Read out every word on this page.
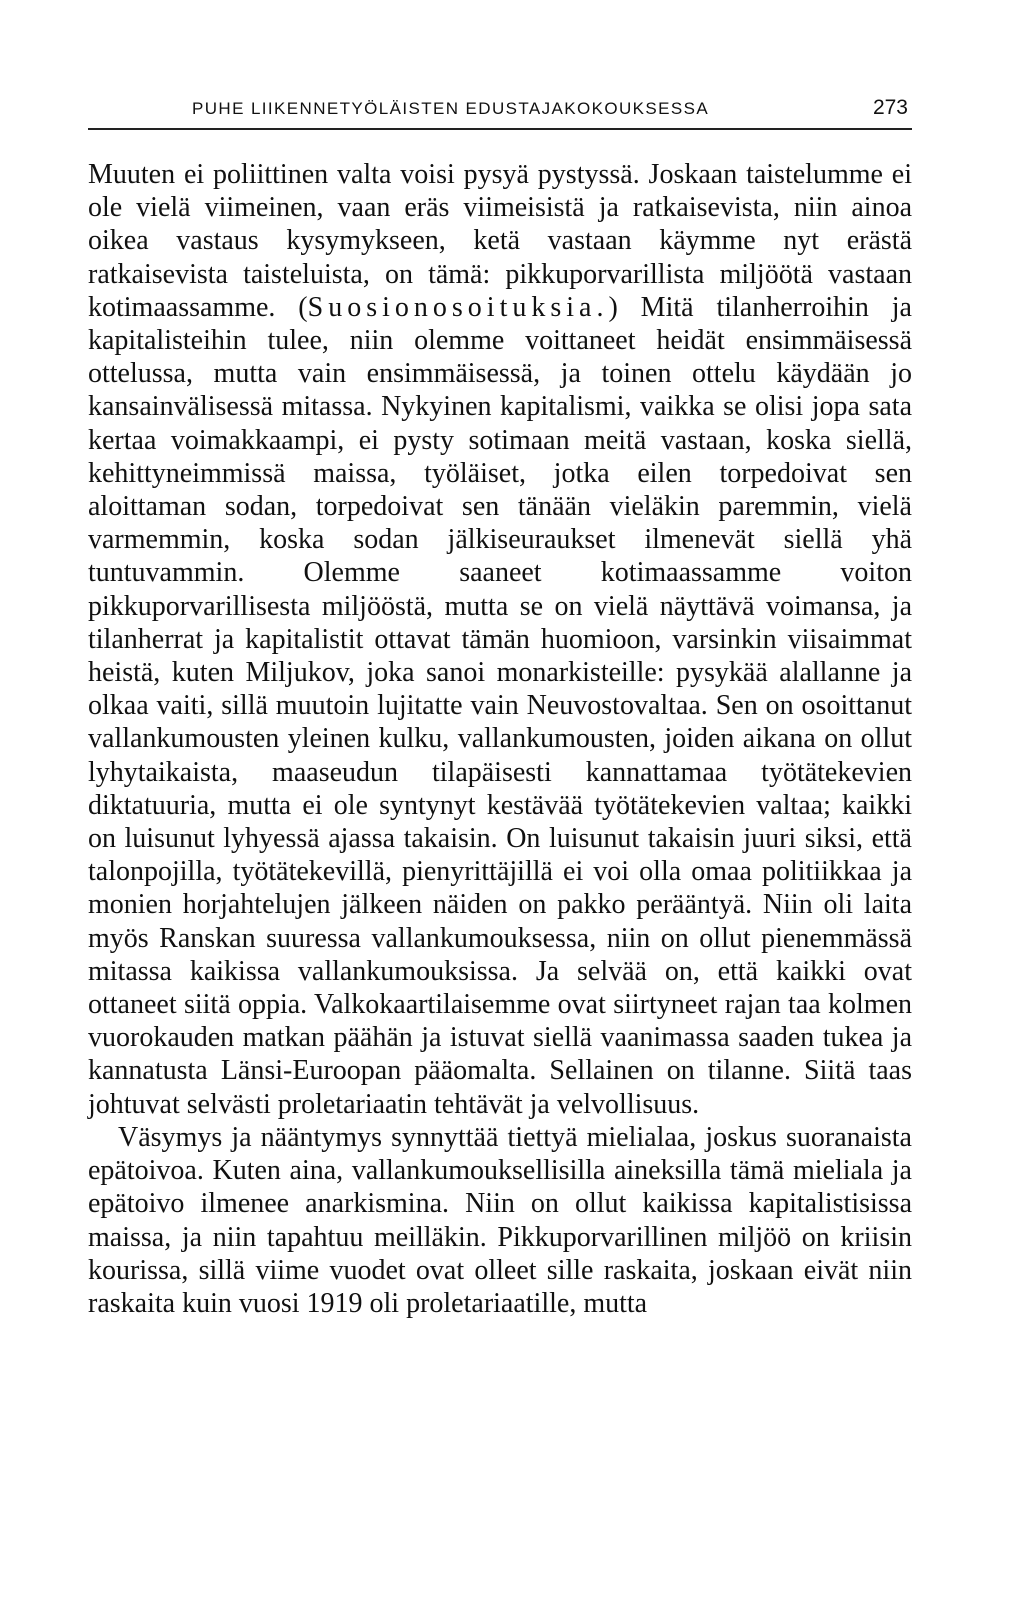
PUHE LIIKENNETYÖLÄISTEN EDUSTAJAKOKOUKSESSA	273

Muuten ei poliittinen valta voisi pysyä pystyssä. Joskaan taistelumme ei ole vielä viimeinen, vaan eräs viimeisistä ja ratkaisevista, niin ainoa oikea vastaus kysymykseen, ketä vastaan käymme nyt erästä ratkaisevista taisteluista, on tämä: pikkuporvarillista miljöötä vastaan kotimaassamme. (Suosionosoituksia.) Mitä tilanherroihin ja kapitalisteihin tulee, niin olemme voittaneet heidät ensimmäisessä ottelussa, mutta vain ensimmäisessä, ja toinen ottelu käydään jo kansainvälisessä mitassa. Nykyinen kapitalismi, vaikka se olisi jopa sata kertaa voimakkaampi, ei pysty sotimaan meitä vastaan, koska siellä, kehittyneimmissä maissa, työläiset, jotka eilen torpedoivat sen aloittaman sodan, torpedoivat sen tänään vieläkin paremmin, vielä varmemmin, koska sodan jälkiseuraukset ilmenevät siellä yhä tuntuvammin. Olemme saaneet kotimaassamme voiton pikkuporvarillisesta miljööstä, mutta se on vielä näyttävä voimansa, ja tilanherrat ja kapitalistit ottavat tämän huomioon, varsinkin viisaimmat heistä, kuten Miljukov, joka sanoi monarkisteille: pysykää alallanne ja olkaa vaiti, sillä muutoin lujitatte vain Neuvostovaltaa. Sen on osoittanut vallankumousten yleinen kulku, vallankumousten, joiden aikana on ollut lyhytaikaista, maaseudun tilapäisesti kannattamaa työtätekevien diktatuuria, mutta ei ole syntynyt kestävää työtätekevien valtaa; kaikki on luisunut lyhyessä ajassa takaisin. On luisunut takaisin juuri siksi, että talonpojilla, työtätekevillä, pienyrittäjillä ei voi olla omaa politiikkaa ja monien horjahtelujen jälkeen näiden on pakko perääntyä. Niin oli laita myös Ranskan suuressa vallankumouksessa, niin on ollut pienemmässä mitassa kaikissa vallankumouksissa. Ja selvää on, että kaikki ovat ottaneet siitä oppia. Valkokaartilaisemme ovat siirtyneet rajan taa kolmen vuorokauden matkan päähän ja istuvat siellä vaanimassa saaden tukea ja kannatusta Länsi-Euroopan pääomalta. Sellainen on tilanne. Siitä taas johtuvat selvästi proletariaatin tehtävät ja velvollisuus.

Väsymys ja nääntymys synnyttää tiettyä mielialaa, joskus suoranaista epätoivoa. Kuten aina, vallankumouksellisilla aineksilla tämä mieliala ja epätoivo ilmenee anarkismina. Niin on ollut kaikissa kapitalistisissa maissa, ja niin tapahtuu meilläkin. Pikkuporvarillinen miljöö on kriisin kourissa, sillä viime vuodet ovat olleet sille raskaita, joskaan eivät niin raskaita kuin vuosi 1919 oli proletariaatille, mutta
